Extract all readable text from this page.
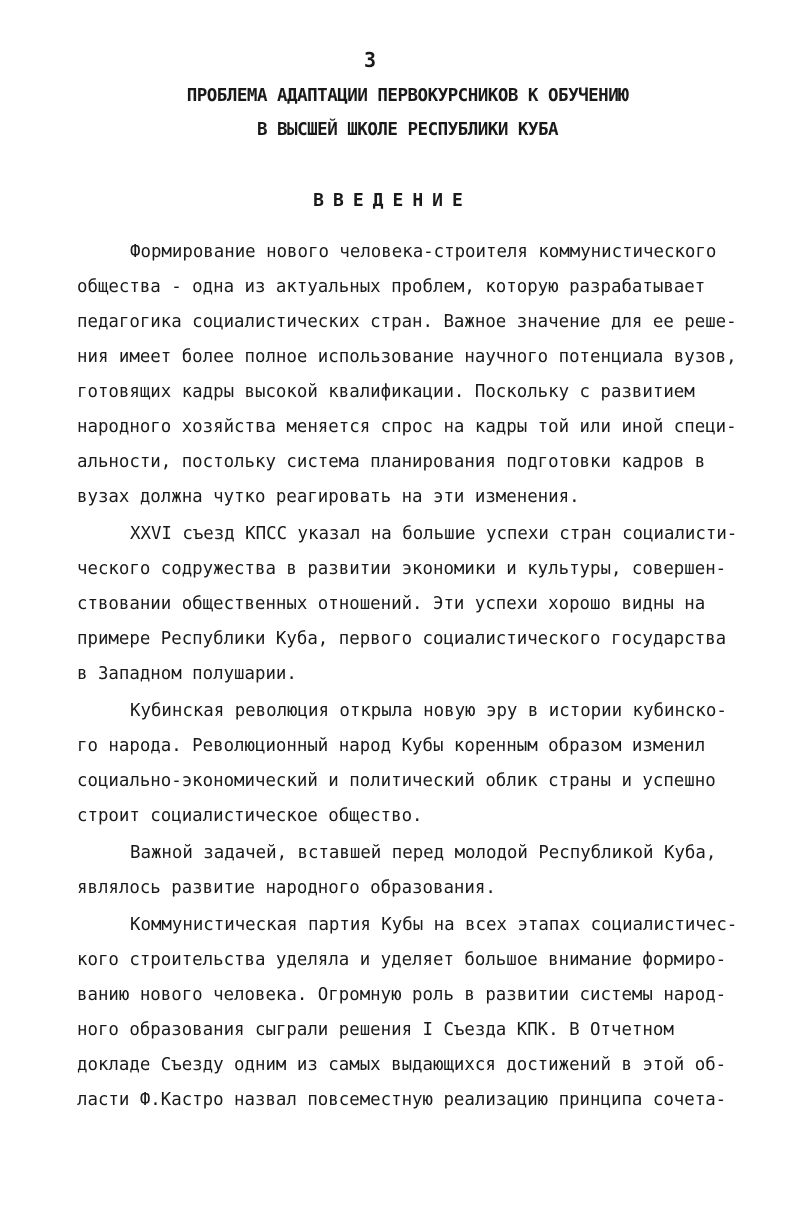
3
ПРОБЛЕМА АДАПТАЦИИ ПЕРВОКУРСНИКОВ К ОБУЧЕНИЮ
В ВЫСШЕЙ ШКОЛЕ РЕСПУБЛИКИ КУБА
ВВЕДЕНИЕ
Формирование нового человека-строителя коммунистического
общества - одна из актуальных проблем, которую разрабатывает
педагогика социалистических стран. Важное значение для ее реше-
ния имеет более полное использование научного потенциала вузов,
готовящих кадры высокой квалификации. Поскольку с развитием
народного хозяйства меняется спрос на кадры той или иной специ-
альности, постольку система планирования подготовки кадров в
вузах должна чутко реагировать на эти изменения.
XXVI съезд КПСС указал на большие успехи стран социалисти-
ческого содружества в развитии экономики и культуры, совершен-
ствовании общественных отношений. Эти успехи хорошо видны на
примере Республики Куба, первого социалистического государства
в Западном полушарии.
Кубинская революция открыла новую эру в истории кубинско-
го народа. Революционный народ Кубы коренным образом изменил
социально-экономический и политический облик страны и успешно
строит социалистическое общество.
Важной задачей, вставшей перед молодой Республикой Куба,
являлось развитие народного образования.
Коммунистическая партия Кубы на всех этапах социалистичес-
кого строительства уделяла и уделяет большое внимание формиро-
ванию нового человека. Огромную роль в развитии системы народ-
ного образования сыграли решения I Съезда КПК. В Отчетном
докладе Съезду одним из самых выдающихся достижений в этой об-
ласти Ф.Кастро назвал повсеместную реализацию принципа сочета-
